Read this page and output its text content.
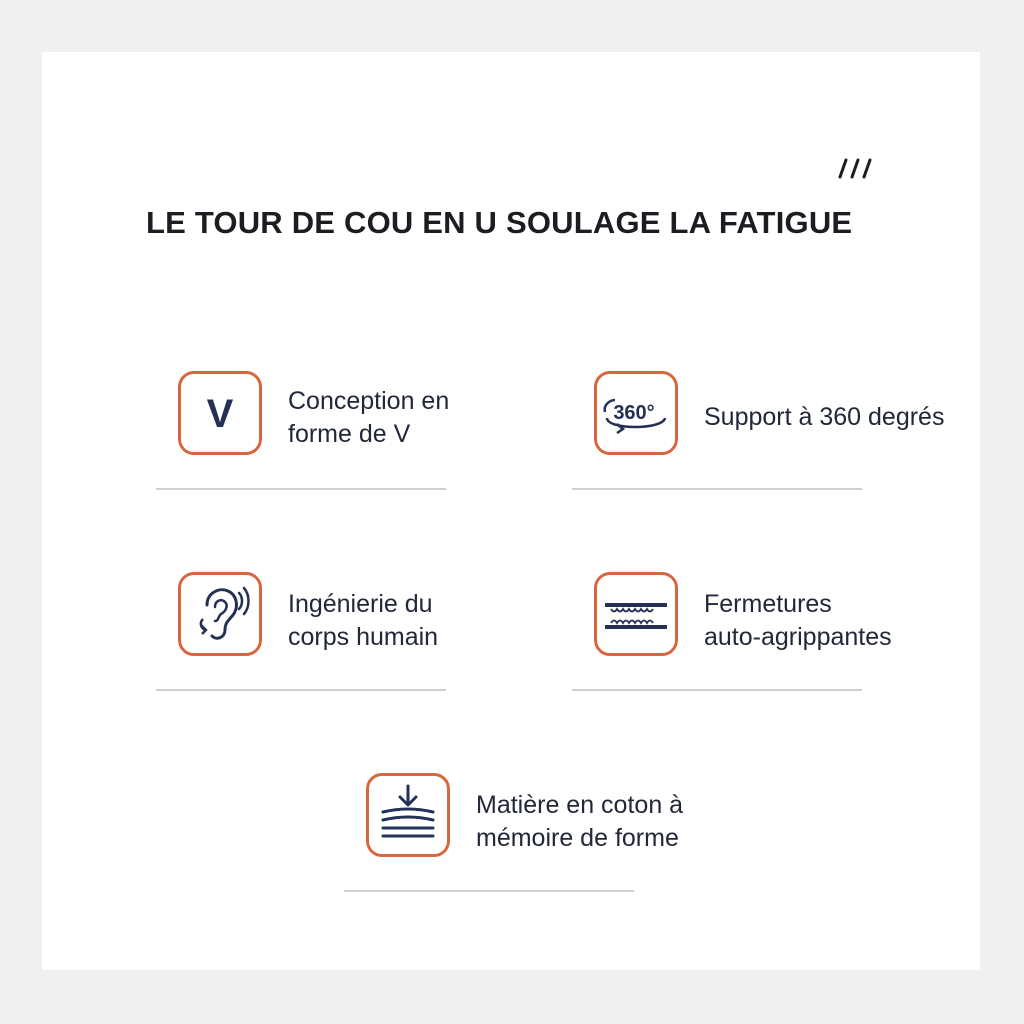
LE TOUR DE COU EN U SOULAGE LA FATIGUE
V Conception en
forme de V
360° Support à 360 degrés
Ingénierie du
corps humain
Fermetures
auto-agrippantes
Matière en coton à
mémoire de forme
